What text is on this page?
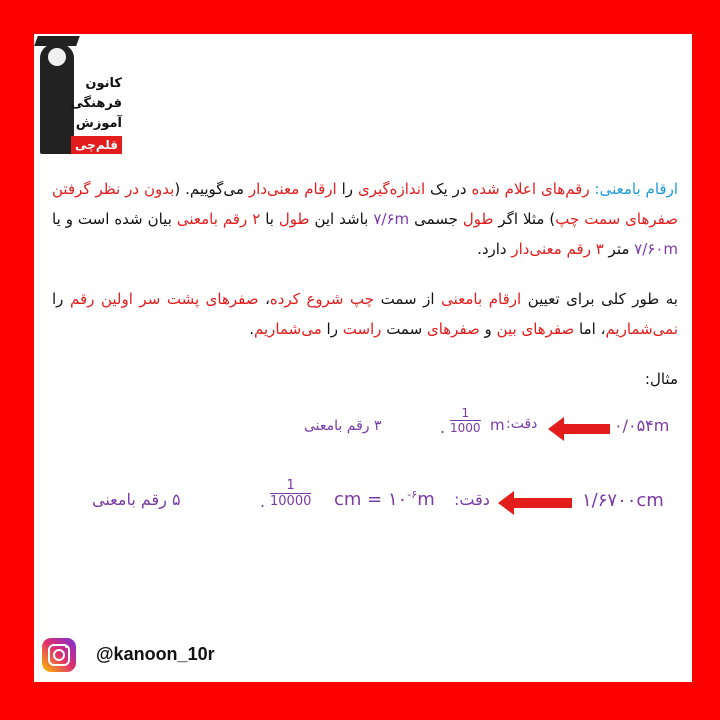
کانون
فرهنگی
آموزش
قلم‌چی
ارقام بامعنی: رقم‌های اعلام شده در یک اندازه‌گیری را ارقام معنی‌دار می‌گوییم. (بدون در نظر گرفتن صفرهای سمت چپ) مثلا اگر طول جسمی ۷/۶m باشد این طول با ۲ رقم بامعنی بیان شده است و یا ۷/۶۰m متر ۳ رقم معنی‌دار دارد.
به طور کلی برای تعیین ارقام بامعنی از سمت چپ شروع کرده، صفرهای پشت سر اولین رقم را نمی‌شماریم، اما صفرهای بین و صفرهای سمت راست را می‌شماریم.
مثال:
۰/۰۵۴m
دقت:
m
$\frac{1}{1000}$
.
۳ رقم بامعنی
۱/۶۷۰۰cm
دقت:
cm = $۱۰^{-۶}m$
$\frac{1}{10000}$
.
۵ رقم بامعنی
@kanoon_10r
